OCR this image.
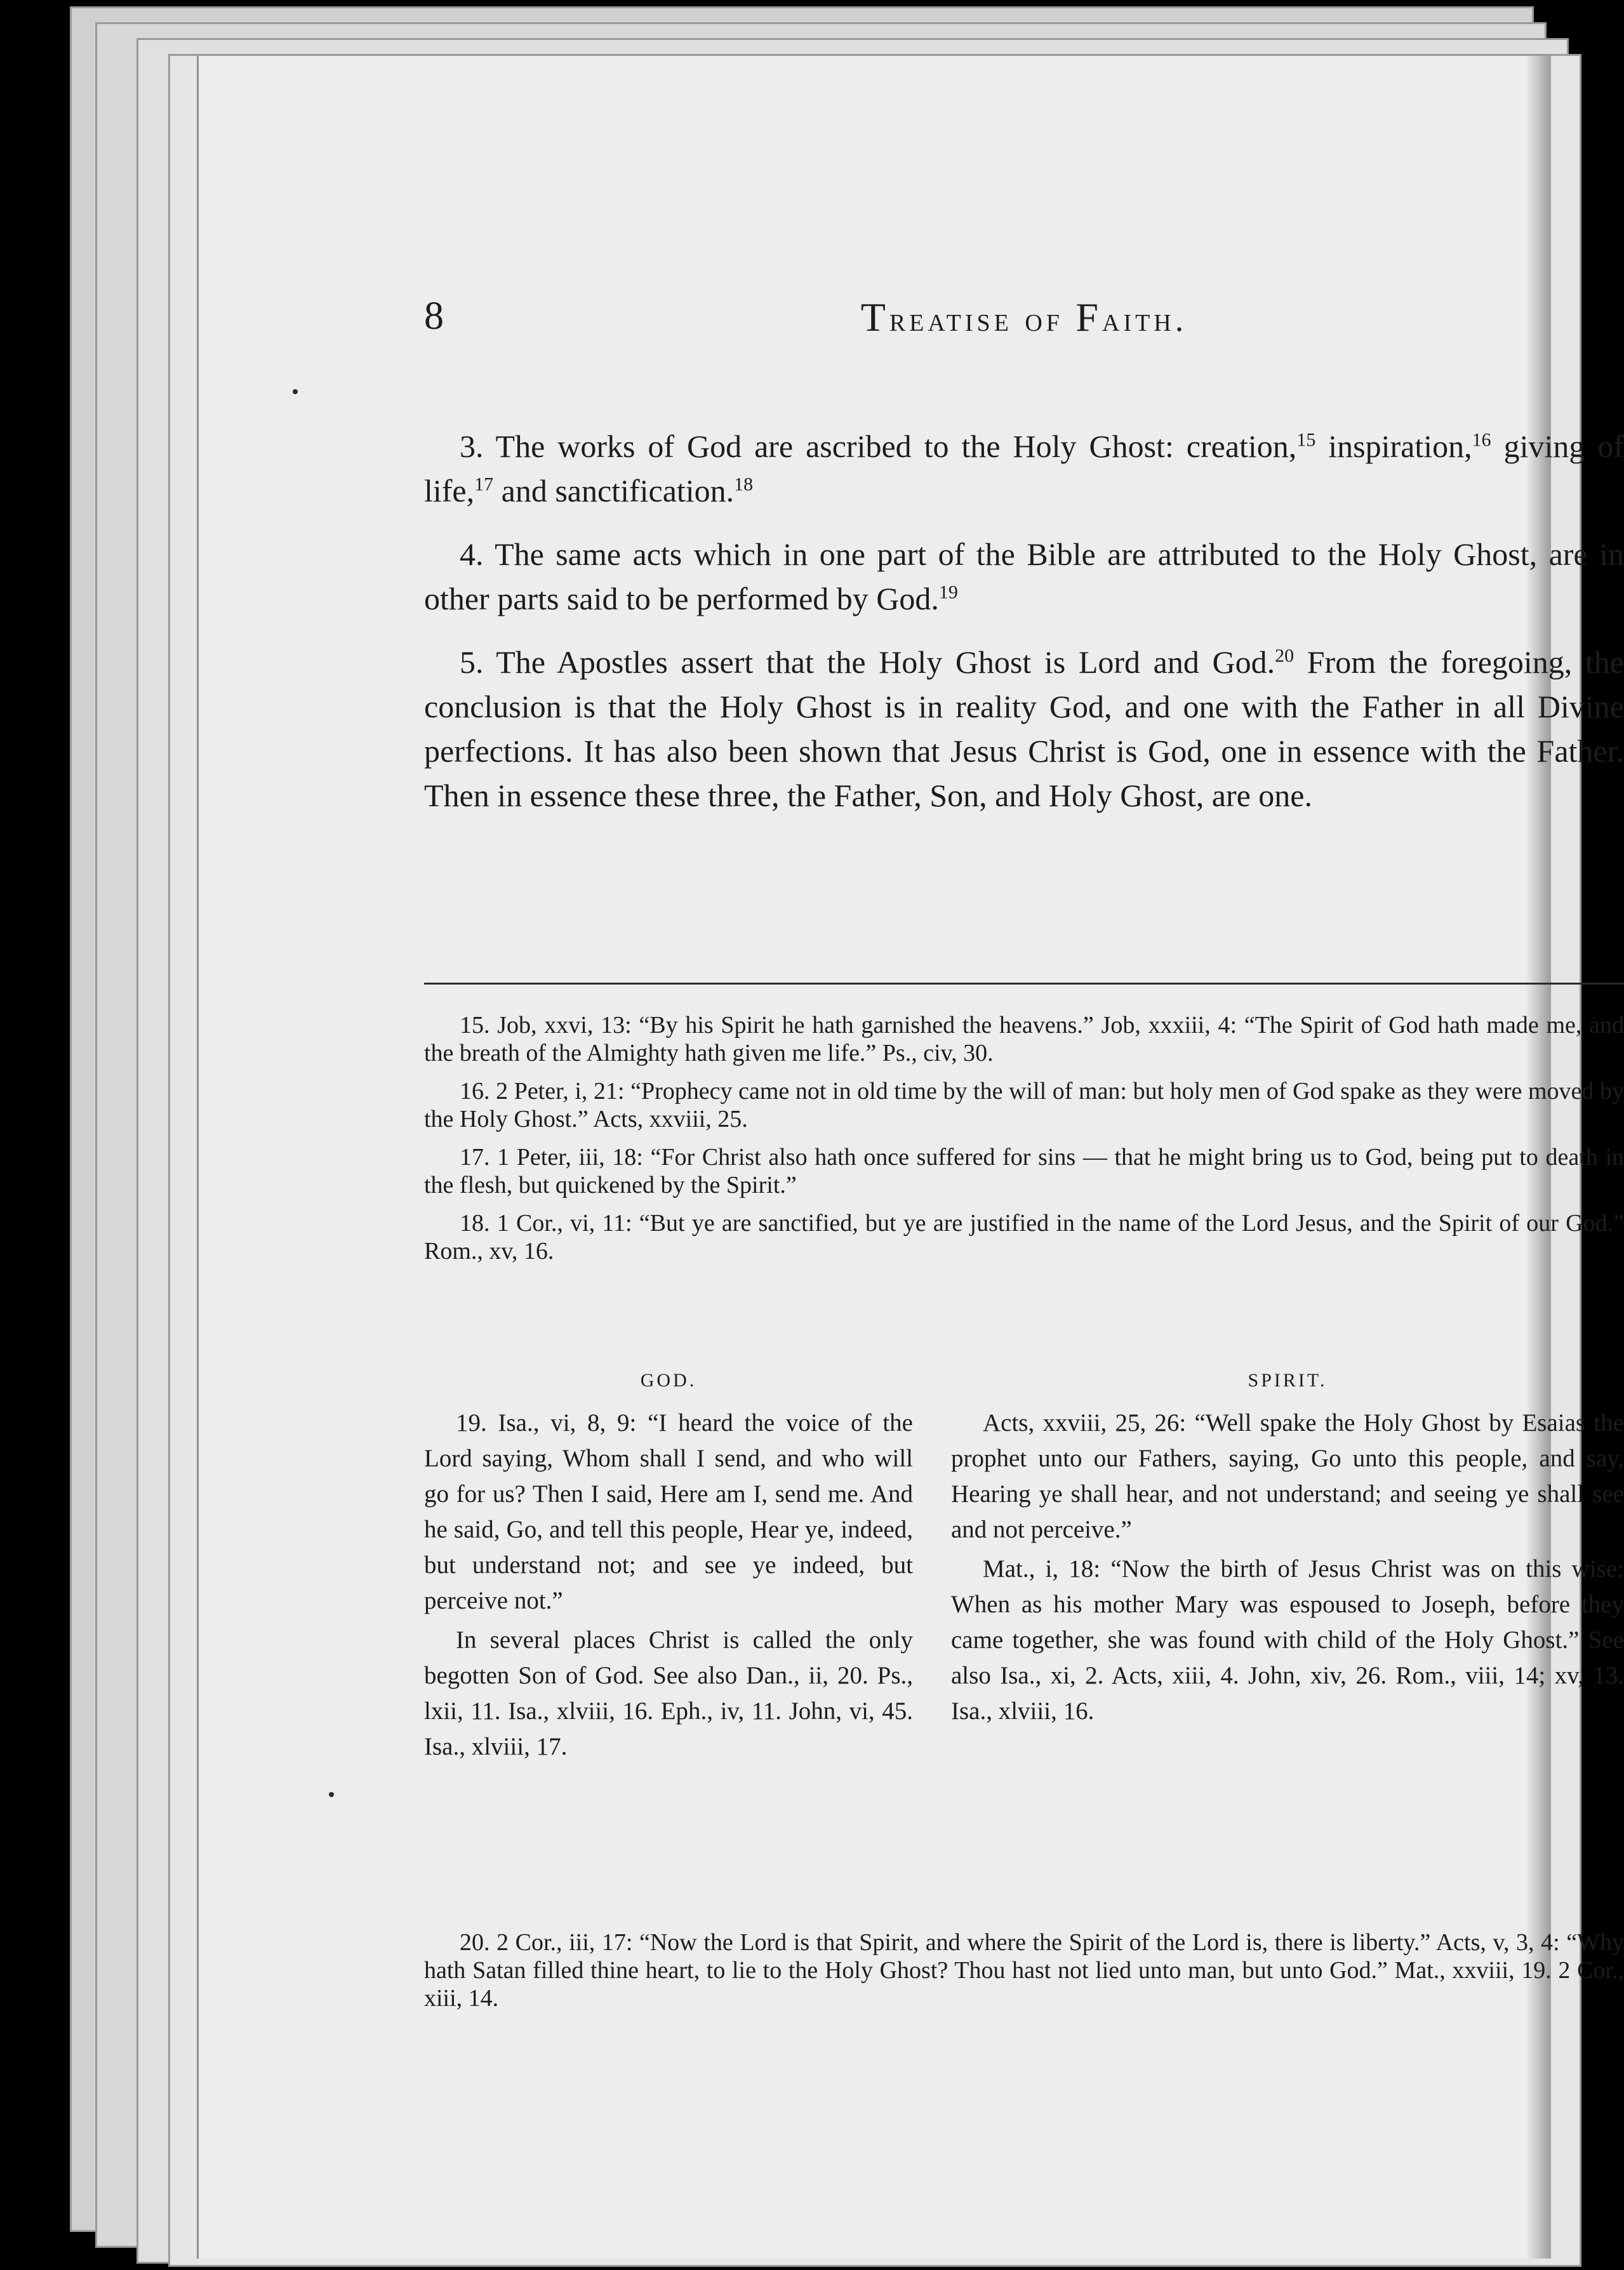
8	Treatise of Faith.

3. The works of God are ascribed to the Holy Ghost: creation,$^{15}$ inspiration,$^{16}$ giving of life,$^{17}$ and sanctification.$^{18}$

4. The same acts which in one part of the Bible are attributed to the Holy Ghost, are in other parts said to be performed by God.$^{19}$

5. The Apostles assert that the Holy Ghost is Lord and God.$^{20}$ From the foregoing, the conclusion is that the Holy Ghost is in reality God, and one with the Father in all Divine perfections. It has also been shown that Jesus Christ is God, one in essence with the Father. Then in essence these three, the Father, Son, and Holy Ghost, are one.

15. Job, xxvi, 13: “By his Spirit he hath garnished the heavens.” Job, xxxiii, 4: “The Spirit of God hath made me, and the breath of the Almighty hath given me life.” Ps., civ, 30.

16. 2 Peter, i, 21: “Prophecy came not in old time by the will of man: but holy men of God spake as they were moved by the Holy Ghost.” Acts, xxviii, 25.

17. 1 Peter, iii, 18: “For Christ also hath once suffered for sins — that he might bring us to God, being put to death in the flesh, but quickened by the Spirit.”

18. 1 Cor., vi, 11: “But ye are sanctified, but ye are justified in the name of the Lord Jesus, and the Spirit of our God.” Rom., xv, 16.

GOD.

19. Isa., vi, 8, 9: “I heard the voice of the Lord saying, Whom shall I send, and who will go for us? Then I said, Here am I, send me. And he said, Go, and tell this people, Hear ye, indeed, but understand not; and see ye indeed, but perceive not.”

In several places Christ is called the only begotten Son of God. See also Dan., ii, 20. Ps., lxii, 11. Isa., xlviii, 16. Eph., iv, 11. John, vi, 45. Isa., xlviii, 17.

SPIRIT.

Acts, xxviii, 25, 26: “Well spake the Holy Ghost by Esaias the prophet unto our Fathers, saying, Go unto this people, and say, Hearing ye shall hear, and not understand; and seeing ye shall see and not perceive.”

Mat., i, 18: “Now the birth of Jesus Christ was on this wise: When as his mother Mary was espoused to Joseph, before they came together, she was found with child of the Holy Ghost.” See also Isa., xi, 2. Acts, xiii, 4. John, xiv, 26. Rom., viii, 14; xv, 13. Isa., xlviii, 16.

20. 2 Cor., iii, 17: “Now the Lord is that Spirit, and where the Spirit of the Lord is, there is liberty.” Acts, v, 3, 4: “Why hath Satan filled thine heart, to lie to the Holy Ghost? Thou hast not lied unto man, but unto God.” Mat., xxviii, 19. 2 Cor., xiii, 14.
